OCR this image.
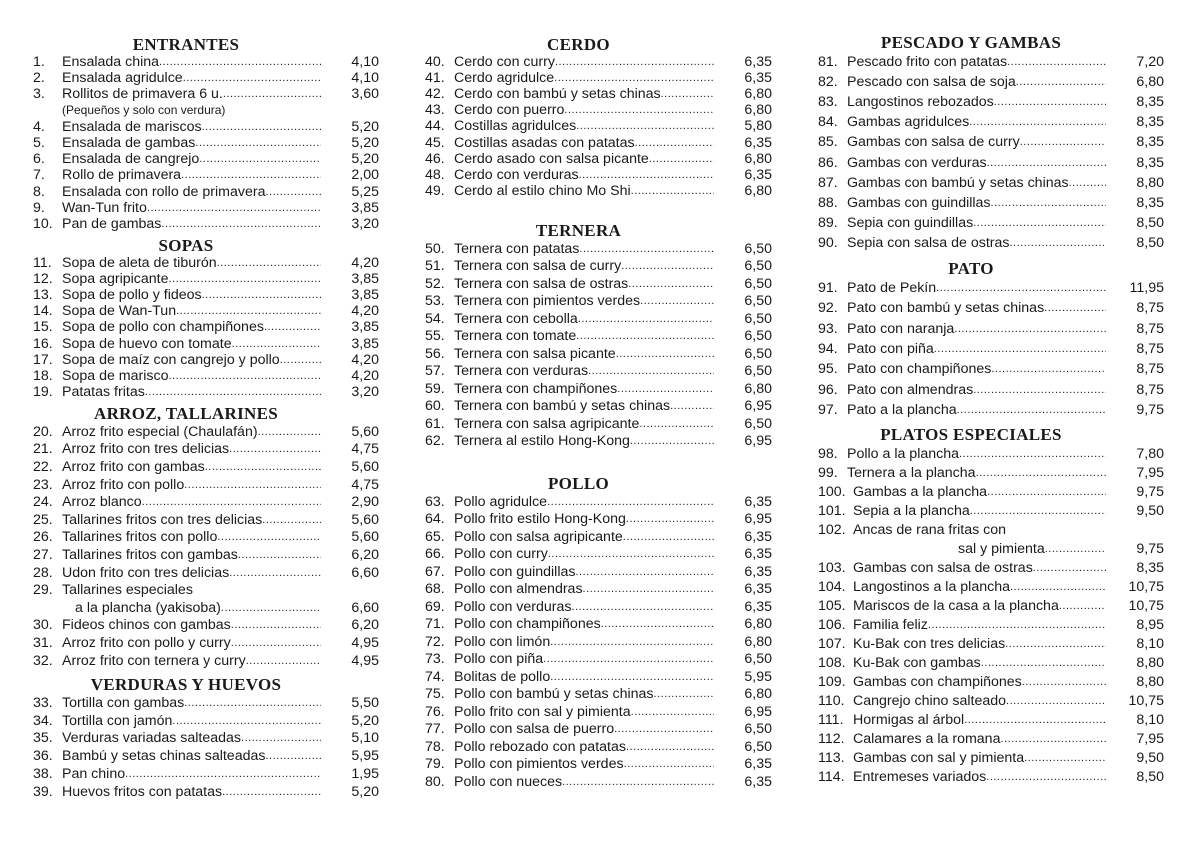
ENTRANTES
1.	Ensalada china .....	4,10
2.	Ensalada agridulce .....	4,10
3.	Rollitos de primavera 6 u. .....	3,60
(Pequeños y solo con verdura)
4.	Ensalada de mariscos .....	5,20
5.	Ensalada de gambas .....	5,20
6.	Ensalada de cangrejo .....	5,20
7.	Rollo de primavera .....	2,00
8.	Ensalada con rollo de primavera .....	5,25
9.	Wan-Tun frito .....	3,85
10. Pan de gambas .....	3,20
SOPAS
11. Sopa de aleta de tiburón .....	4,20
12. Sopa agripicante .....	3,85
13. Sopa de pollo y fideos .....	3,85
14. Sopa de Wan-Tun .....	4,20
15. Sopa de pollo con champiñones .....	3,85
16. Sopa de huevo con tomate .....	3,85
17. Sopa de maíz con cangrejo y pollo .....	4,20
18. Sopa de marisco .....	4,20
19. Patatas fritas .....	3,20
ARROZ, TALLARINES
20. Arroz frito especial (Chaulafán) .....	5,60
21. Arroz frito con tres delicias .....	4,75
22. Arroz frito con gambas .....	5,60
23. Arroz frito con pollo .....	4,75
24. Arroz blanco .....	2,90
25. Tallarines fritos con tres delicias .....	5,60
26. Tallarines fritos con pollo .....	5,60
27. Tallarines fritos con gambas .....	6,20
28. Udon frito con tres delicias .....	6,60
29. Tallarines especiales
a la plancha (yakisoba) .....	6,60
30. Fideos chinos con gambas .....	6,20
31. Arroz frito con pollo y curry .....	4,95
32. Arroz frito con ternera y curry .....	4,95
VERDURAS Y HUEVOS
33. Tortilla con gambas .....	5,50
34. Tortilla con jamón .....	5,20
35. Verduras variadas salteadas .....	5,10
36. Bambú y setas chinas salteadas .....	5,95
38. Pan chino .....	1,95
39. Huevos fritos con patatas .....	5,20
CERDO
40. Cerdo con curry .....	6,35
41. Cerdo agridulce .....	6,35
42. Cerdo con bambú y setas chinas .....	6,80
43. Cerdo con puerro .....	6,80
44. Costillas agridulces .....	5,80
45. Costillas asadas con patatas .....	6,35
46. Cerdo asado con salsa picante .....	6,80
48. Cerdo con verduras .....	6,35
49. Cerdo al estilo chino Mo Shi .....	6,80
TERNERA
50. Ternera con patatas .....	6,50
51. Ternera con salsa de curry .....	6,50
52. Ternera con salsa de ostras .....	6,50
53. Ternera con pimientos verdes .....	6,50
54. Ternera con cebolla .....	6,50
55. Ternera con tomate .....	6,50
56. Ternera con salsa picante .....	6,50
57. Ternera con verduras .....	6,50
59. Ternera con champiñones .....	6,80
60. Ternera con bambú y setas chinas .....	6,95
61. Ternera con salsa agripicante .....	6,50
62. Ternera al estilo Hong-Kong .....	6,95
POLLO
63. Pollo agridulce .....	6,35
64. Pollo frito estilo Hong-Kong .....	6,95
65. Pollo con salsa agripicante .....	6,35
66. Pollo con curry .....	6,35
67. Pollo con guindillas .....	6,35
68. Pollo con almendras .....	6,35
69. Pollo con verduras .....	6,35
71. Pollo con champiñones .....	6,80
72. Pollo con limón .....	6,80
73. Pollo con piña .....	6,50
74. Bolitas de pollo .....	5,95
75. Pollo con bambú y setas chinas .....	6,80
76. Pollo frito con sal y pimienta .....	6,95
77. Pollo con salsa de puerro .....	6,50
78. Pollo rebozado con patatas .....	6,50
79. Pollo con pimientos verdes .....	6,35
80. Pollo con nueces .....	6,35
PESCADO Y GAMBAS
81. Pescado frito con patatas .....	7,20
82. Pescado con salsa de soja .....	6,80
83. Langostinos rebozados .....	8,35
84. Gambas agridulces .....	8,35
85. Gambas con salsa de curry .....	8,35
86. Gambas con verduras .....	8,35
87. Gambas con bambú y setas chinas .....	8,80
88. Gambas con guindillas .....	8,35
89. Sepia con guindillas .....	8,50
90. Sepia con salsa de ostras .....	8,50
PATO
91. Pato de Pekín .....	11,95
92. Pato con bambú y setas chinas .....	8,75
93. Pato con naranja .....	8,75
94. Pato con piña .....	8,75
95. Pato con champiñones .....	8,75
96. Pato con almendras .....	8,75
97. Pato a la plancha .....	9,75
PLATOS ESPECIALES
98. Pollo a la plancha .....	7,80
99. Ternera a la plancha .....	7,95
100. Gambas a la plancha .....	9,75
101. Sepia a la plancha .....	9,50
102. Ancas de rana fritas con
sal y pimienta .....	9,75
103. Gambas con salsa de ostras .....	8,35
104. Langostinos a la plancha .....	10,75
105. Mariscos de la casa a la plancha .....	10,75
106. Familia feliz .....	8,95
107. Ku-Bak con tres delicias .....	8,10
108. Ku-Bak con gambas .....	8,80
109. Gambas con champiñones .....	8,80
110. Cangrejo chino salteado .....	10,75
111. Hormigas al árbol .....	8,10
112. Calamares a la romana .....	7,95
113. Gambas con sal y pimienta .....	9,50
114. Entremeses variados .....	8,50
